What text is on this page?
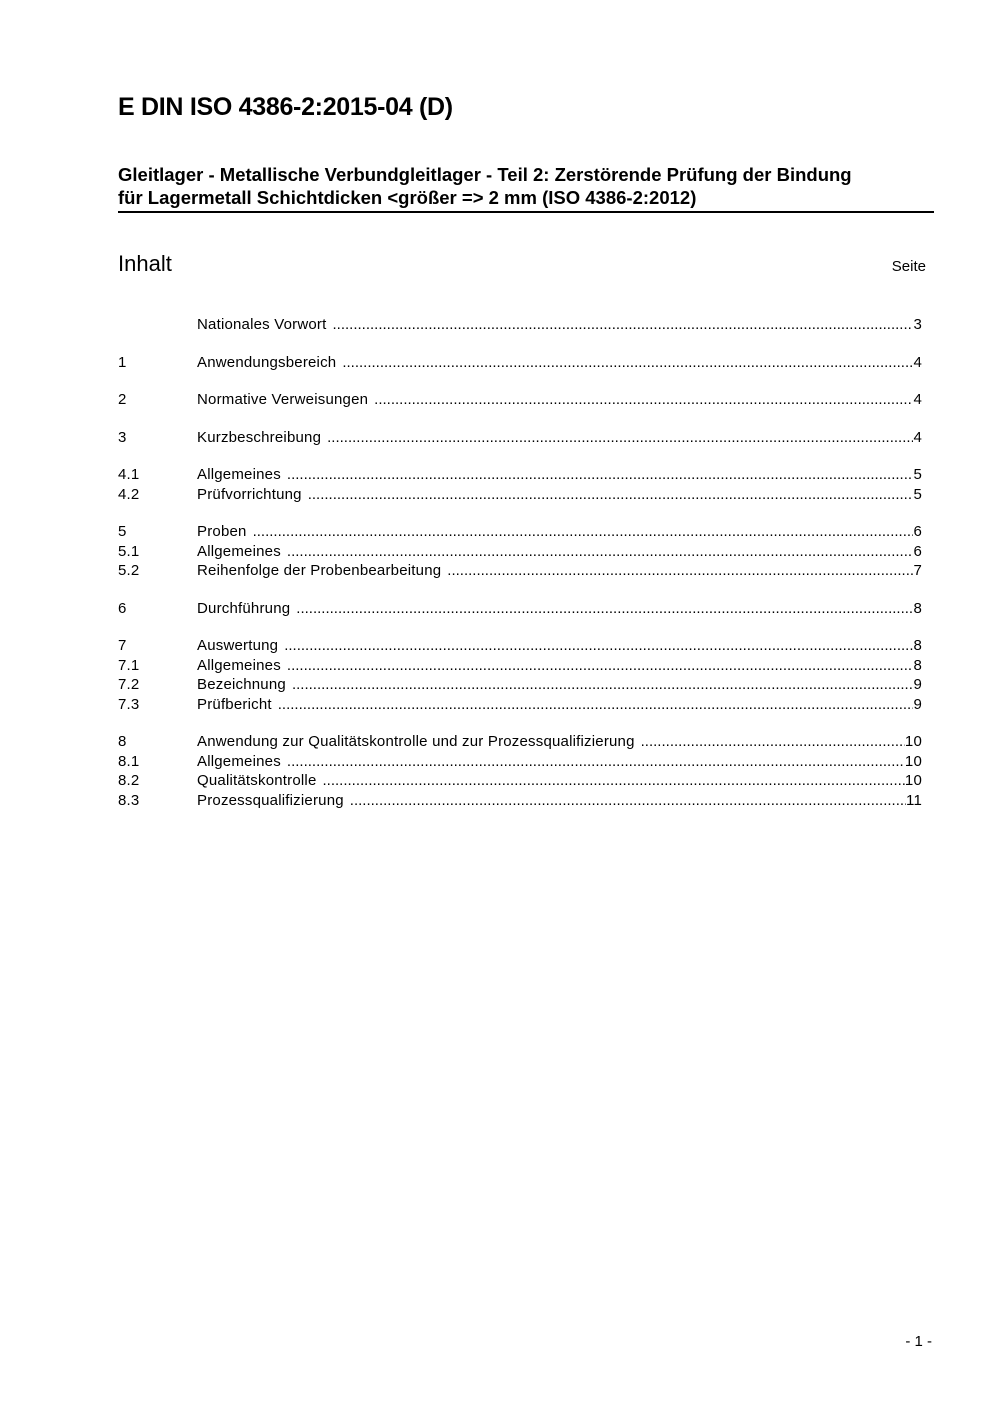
E DIN ISO 4386-2:2015-04 (D)
Gleitlager - Metallische Verbundgleitlager - Teil 2: Zerstörende Prüfung der Bindung
für Lagermetall Schichtdicken <größer => 2 mm (ISO 4386-2:2012)
Inhalt	Seite
Nationales Vorwort .....	3
1	Anwendungsbereich .....	4
2	Normative Verweisungen .....	4
3	Kurzbeschreibung .....	4
4.1	Allgemeines .....	5
4.2	Prüfvorrichtung .....	5
5	Proben .....	6
5.1	Allgemeines .....	6
5.2	Reihenfolge der Probenbearbeitung .....	7
6	Durchführung .....	8
7	Auswertung .....	8
7.1	Allgemeines .....	8
7.2	Bezeichnung .....	9
7.3	Prüfbericht .....	9
8	Anwendung zur Qualitätskontrolle und zur Prozessqualifizierung .....	10
8.1	Allgemeines .....	10
8.2	Qualitätskontrolle .....	10
8.3	Prozessqualifizierung .....	11
- 1 -
